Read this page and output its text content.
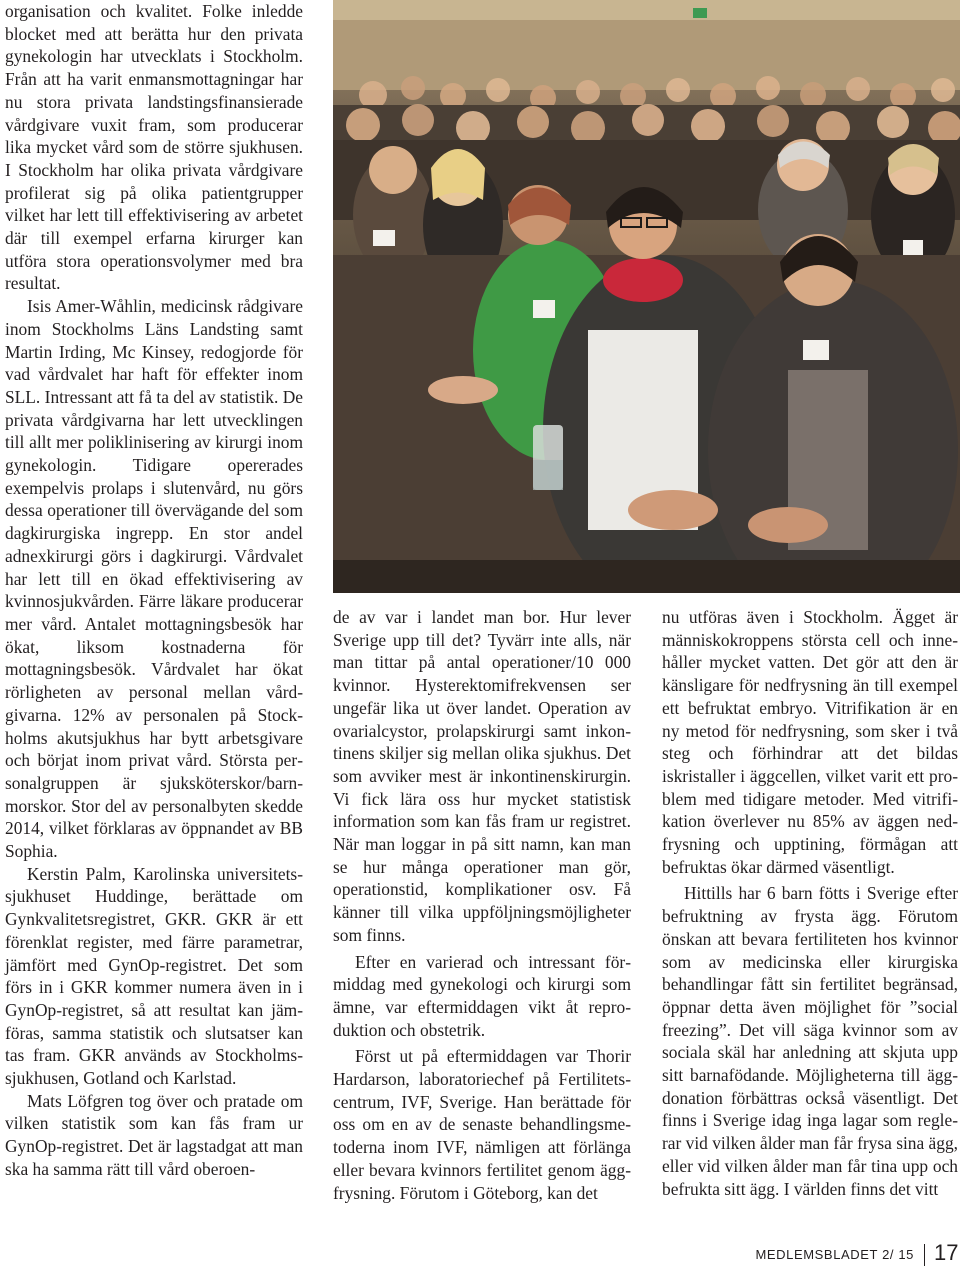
organisation och kvalitet. Folke inledde blocket med att berätta hur den privata gynekologin har utvecklats i Stockholm. Från att ha varit enmansmottagningar har nu stora privata landstingsfinansierade vårdgivare vuxit fram, som producerar lika mycket vård som de större sjukhusen. I Stockholm har olika privata vårdgivare profilerat sig på olika patientgrupper vilket har lett till effektivisering av arbetet där till exempel erfarna kirurger kan utföra stora operationsvolymer med bra resultat.

Isis Amer-Wåhlin, medicinsk rådgivare inom Stockholms Läns Landsting samt Martin Irding, Mc Kinsey, redogjorde för vad vårdvalet har haft för effekter inom SLL. Intressant att få ta del av statistik. De privata vårdgivarna har lett utvecklingen till allt mer poliklinisering av kirurgi inom gynekologin. Tidigare opererades exempelvis prolaps i slutenvård, nu görs dessa operationer till övervägande del som dagkirurgiska ingrepp. En stor andel adnexkirurgi görs i dagkirurgi. Vårdvalet har lett till en ökad effektivisering av kvinnosjukvården. Färre läkare producerar mer vård. Antalet mottagningsbesök har ökat, liksom kostnaderna för mottagningsbesök. Vårdvalet har ökat rörligheten av personal mellan vårdgivarna. 12% av personalen på Stockholms akutsjukhus har bytt arbetsgivare och börjat inom privat vård. Största personalgruppen är sjuksköterskor/barnmorskor. Stor del av personalbyten skedde 2014, vilket förklaras av öppnandet av BB Sophia.

Kerstin Palm, Karolinska universitetssjukhuset Huddinge, berättade om Gynkvalitetsregistret, GKR. GKR är ett förenklat register, med färre parametrar, jämfört med GynOp-registret. Det som förs in i GKR kommer numera även in i GynOp-registret, så att resultat kan jämföras, samma statistik och slutsatser kan tas fram. GKR används av Stockholmssjukhusen, Gotland och Karlstad.

Mats Löfgren tog över och pratade om vilken statistik som kan fås fram ur GynOp-registret. Det är lagstadgat att man ska ha samma rätt till vård oberoen-

de av var i landet man bor. Hur lever Sverige upp till det? Tyvärr inte alls, när man tittar på antal operationer/10 000 kvinnor. Hysterektomifrekvensen ser ungefär lika ut över landet. Operation av ovarialcystor, prolapskirurgi samt inkontinens skiljer sig mellan olika sjukhus. Det som avviker mest är inkontinenskirurgin. Vi fick lära oss hur mycket statistisk information som kan fås fram ur registret. När man loggar in på sitt namn, kan man se hur många operationer man gör, operationstid, komplikationer osv. Få känner till vilka uppföljningsmöjligheter som finns.

Efter en varierad och intressant förmiddag med gynekologi och kirurgi som ämne, var eftermiddagen vikt åt reproduktion och obstetrik.

Först ut på eftermiddagen var Thorir Hardarson, laboratoriechef på Fertilitetscentrum, IVF, Sverige. Han berättade för oss om en av de senaste behandlingsmetoderna inom IVF, nämligen att förlänga eller bevara kvinnors fertilitet genom äggfrysning. Förutom i Göteborg, kan det

nu utföras även i Stockholm. Ägget är människokroppens största cell och innehåller mycket vatten. Det gör att den är känsligare för nedfrysning än till exempel ett befruktat embryo. Vitrifikation är en ny metod för nedfrysning, som sker i två steg och förhindrar att det bildas iskristaller i äggcellen, vilket varit ett problem med tidigare metoder. Med vitrifikation överlever nu 85% av äggen nedfrysning och upptining, förmågan att befruktas ökar därmed väsentligt.

Hittills har 6 barn fötts i Sverige efter befruktning av frysta ägg. Förutom önskan att bevara fertiliteten hos kvinnor som av medicinska eller kirurgiska behandlingar fått sin fertilitet begränsad, öppnar detta även möjlighet för ”social freezing”. Det vill säga kvinnor som av sociala skäl har anledning att skjuta upp sitt barnafödande. Möjligheterna till äggdonation förbättras också väsentligt. Det finns i Sverige idag inga lagar som reglerar vid vilken ålder man får frysa sina ägg, eller vid vilken ålder man får tina upp och befrukta sitt ägg. I världen finns det vitt

MEDLEMSBLADET 2/ 15 17
